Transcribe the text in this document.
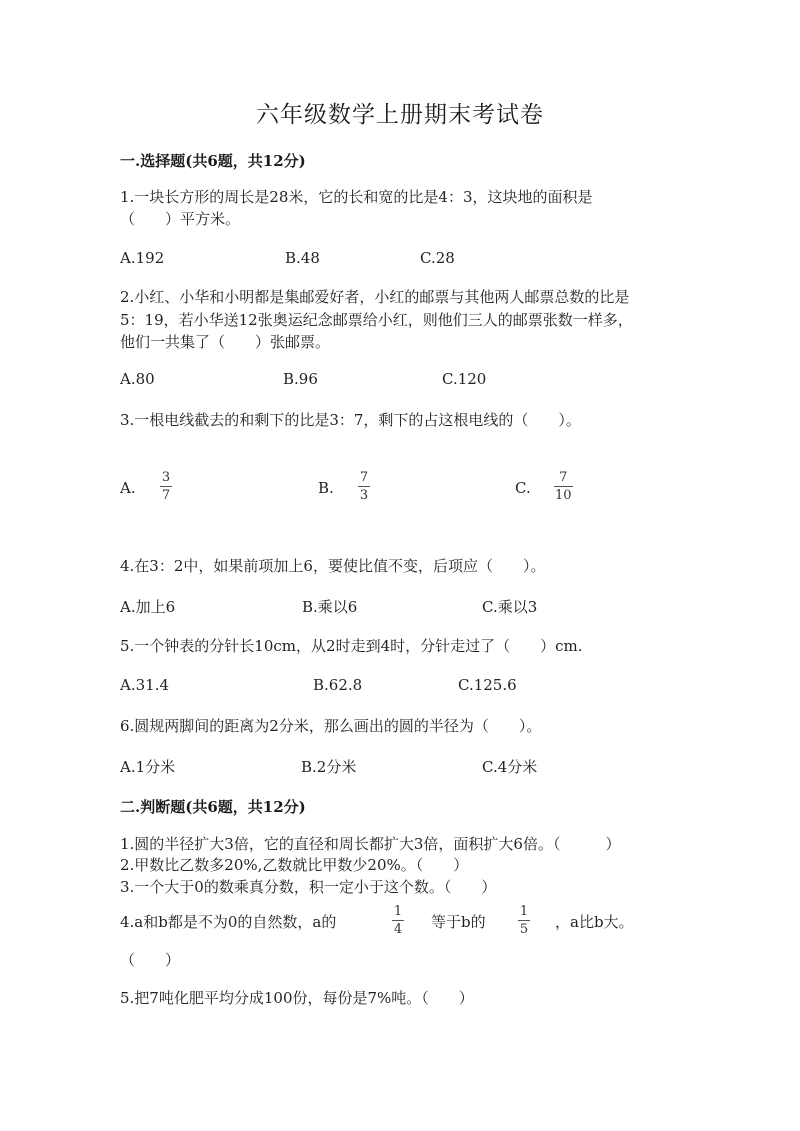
六年级数学上册期末考试卷
一.选择题(共6题，共12分)
1.一块长方形的周长是28米，它的长和宽的比是4：3，这块地的面积是
（　　）平方米。
A.192	B.48	C.28
2.小红、小华和小明都是集邮爱好者，小红的邮票与其他两人邮票总数的比是
5：19，若小华送12张奥运纪念邮票给小红，则他们三人的邮票张数一样多，
他们一共集了（　　）张邮票。
A.80	B.96	C.120
3.一根电线截去的和剩下的比是3：7，剩下的占这根电线的（　　）。
A.
3
7	B.
7
3	C.
7
10
4.在3：2中，如果前项加上6，要使比值不变，后项应（　　）。
A.加上6	B.乘以6	C.乘以3
5.一个钟表的分针长10cm，从2时走到4时，分针走过了（　　）cm.
A.31.4	B.62.8	C.125.6
6.圆规两脚间的距离为2分米，那么画出的圆的半径为（　　）。
A.1分米	B.2分米	C.4分米
二.判断题(共6题，共12分)
1.圆的半径扩大3倍，它的直径和周长都扩大3倍，面积扩大6倍。（　　　）
2.甲数比乙数多20%,乙数就比甲数少20%。（　　）
3.一个大于0的数乘真分数，积一定小于这个数。（　　）
4.a和b都是不为0的自然数，a的
1
4 等于b的
1
5 ，a比b大。
（　　）
5.把7吨化肥平均分成100份，每份是7%吨。（　　）
